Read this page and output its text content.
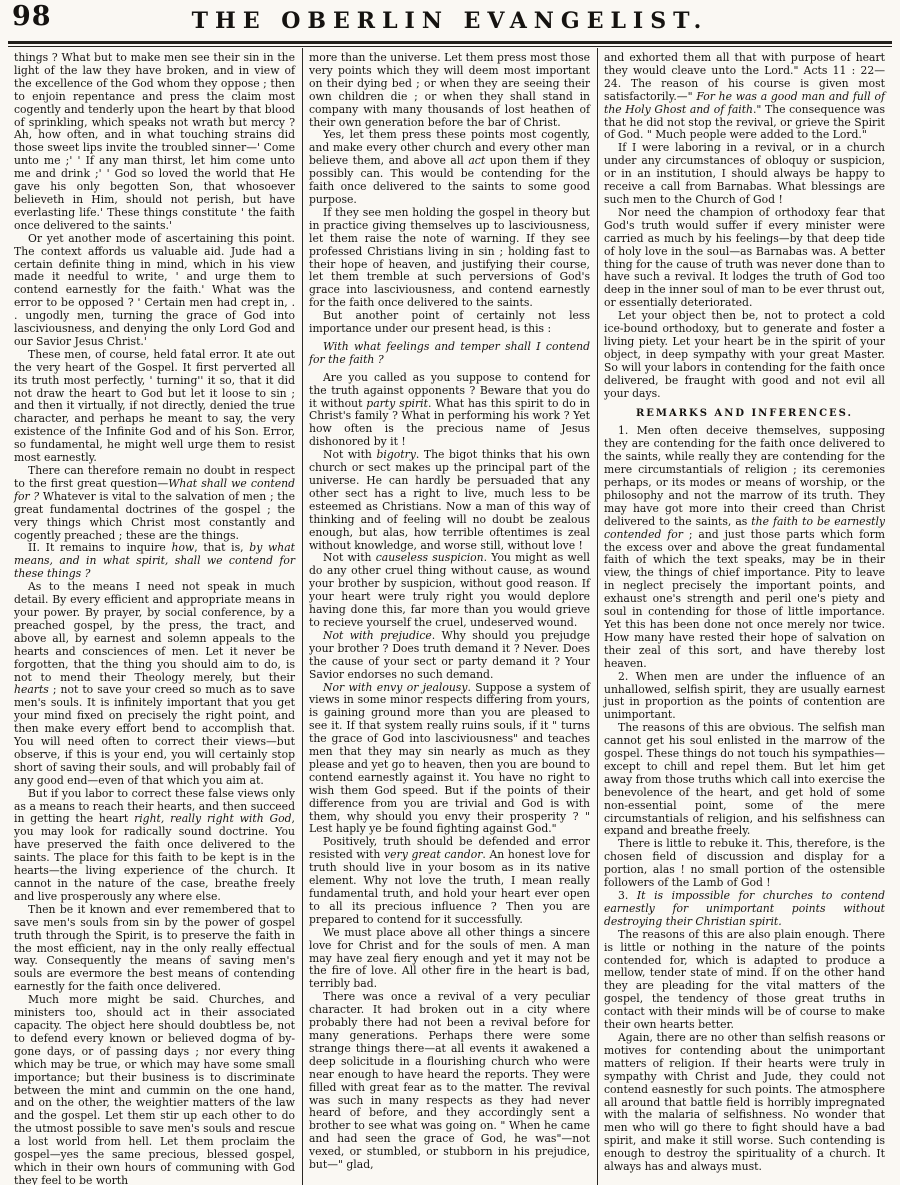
98	THE OBERLIN EVANGELIST.

things ? What but to make men see their sin in the light of the law they have broken, and in view of the excellence of the God whom they oppose ; then to enjoin repentance and press the claim most cogently and tenderly upon the heart by that blood of sprinkling, which speaks not wrath but mercy ? Ah, how often, and in what touching strains did those sweet lips invite the troubled sinner—' Come unto me ;' ' If any man thirst, let him come unto me and drink ;' ' God so loved the world that He gave his only begotten Son, that whosoever believeth in Him, should not perish, but have everlasting life.' These things constitute ' the faith once delivered to the saints.'

Or yet another mode of ascertaining this point. The context affords us valuable aid. Jude had a certain definite thing in mind, which in his view made it needful to write, ' and urge them to contend earnestly for the faith.' What was the error to be opposed ? ' Certain men had crept in, . . ungodly men, turning the grace of God into lasciviousness, and denying the only Lord God and our Savior Jesus Christ.'

These men, of course, held fatal error. It ate out the very heart of the Gospel. It first perverted all its truth most perfectly, ' turning'' it so, that it did not draw the heart to God but let it loose to sin ; and then it virtually, if not directly, denied the true character, and perhaps he meant to say, the very existence of the Infinite God and of his Son. Error, so fundamental, he might well urge them to resist most earnestly.

There can therefore remain no doubt in respect to the first great question—What shall we contend for ? Whatever is vital to the salvation of men ; the great fundamental doctrines of the gospel ; the very things which Christ most constantly and cogently preached ; these are the things.

II. It remains to inquire how, that is, by what means, and in what spirit, shall we contend for these things ?

As to the means I need not speak in much detail. By every efficient and appropriate means in your power. By prayer, by social conference, by a preached gospel, by the press, the tract, and above all, by earnest and solemn appeals to the hearts and consciences of men. Let it never be forgotten, that the thing you should aim to do, is not to mend their Theology merely, but their hearts ; not to save your creed so much as to save men's souls. It is infinitely important that you get your mind fixed on precisely the right point, and then make every effort bend to accomplish that. You will need often to correct their views—but observe, if this is your end, you will certainly stop short of saving their souls, and will probably fail of any good end—even of that which you aim at.

But if you labor to correct these false views only as a means to reach their hearts, and then succeed in getting the heart right, really right with God, you may look for radically sound doctrine. You have preserved the faith once delivered to the saints. The place for this faith to be kept is in the hearts—the living experience of the church. It cannot in the nature of the case, breathe freely and live prosperously any where else.

Then be it known and ever remembered that to save men's souls from sin by the power of gospel truth through the Spirit, is to preserve the faith in the most efficient, nay in the only really effectual way. Consequently the means of saving men's souls are evermore the best means of contending earnestly for the faith once delivered.

Much more might be said. Churches, and ministers too, should act in their associated capacity. The object here should doubtless be, not to defend every known or believed dogma of by-gone days, or of passing days ; nor every thing which may be true, or which may have some small importance; but their business is to discriminate between the mint and cummin on the one hand, and on the other, the weightier matters of the law and the gospel. Let them stir up each other to do the utmost possible to save men's souls and rescue a lost world from hell. Let them proclaim the gospel—yes the same precious, blessed gospel, which in their own hours of communing with God they feel to be worth

more than the universe. Let them press most those very points which they will deem most important on their dying bed ; or when they are seeing their own children die ; or when they shall stand in company with many thousands of lost heathen of their own generation before the bar of Christ.

Yes, let them press these points most cogently, and make every other church and every other man believe them, and above all act upon them if they possibly can. This would be contending for the faith once delivered to the saints to some good purpose.

If they see men holding the gospel in theory but in practice giving themselves up to lasciviousness, let them raise the note of warning. If they see professed Christians living in sin ; holding fast to their hope of heaven, and justifying their course, let them tremble at such perversions of God's grace into lasciviousness, and contend earnestly for the faith once delivered to the saints.

But another point of certainly not less importance under our present head, is this :

With what feelings and temper shall I contend for the faith ?

Are you called as you suppose to contend for the truth against opponents ? Beware that you do it without party spirit. What has this spirit to do in Christ's family ? What in performing his work ? Yet how often is the precious name of Jesus dishonored by it !

Not with bigotry. The bigot thinks that his own church or sect makes up the principal part of the universe. He can hardly be persuaded that any other sect has a right to live, much less to be esteemed as Christians. Now a man of this way of thinking and of feeling will no doubt be zealous enough, but alas, how terrible oftentimes is zeal without knowledge, and worse still, without love !

Not with causeless suspicion. You might as well do any other cruel thing without cause, as wound your brother by suspicion, without good reason. If your heart were truly right you would deplore having done this, far more than you would grieve to recieve yourself the cruel, undeserved wound.

Not with prejudice. Why should you prejudge your brother ? Does truth demand it ? Never. Does the cause of your sect or party demand it ? Your Savior endorses no such demand.

Nor with envy or jealousy. Suppose a system of views in some minor respects differing from yours, is gaining ground more than you are pleased to see it. If that system really ruins souls, if it " turns the grace of God into lasciviousness" and teaches men that they may sin nearly as much as they please and yet go to heaven, then you are bound to contend earnestly against it. You have no right to wish them God speed. But if the points of their difference from you are trivial and God is with them, why should you envy their prosperity ? " Lest haply ye be found fighting against God."

Positively, truth should be defended and error resisted with very great candor. An honest love for truth should live in your bosom as in its native element. Why not love the truth, I mean really fundamental truth, and hold your heart ever open to all its precious influence ? Then you are prepared to contend for it successfully.

We must place above all other things a sincere love for Christ and for the souls of men. A man may have zeal fiery enough and yet it may not be the fire of love. All other fire in the heart is bad, terribly bad.

There was once a revival of a very peculiar character. It had broken out in a city where probably there had not been a revival before for many generations. Perhaps there were some strange things there—at all events it awakened a deep solicitude in a flourishing church who were near enough to have heard the reports. They were filled with great fear as to the matter. The revival was such in many respects as they had never heard of before, and they accordingly sent a brother to see what was going on. " When he came and had seen the grace of God, he was"—not vexed, or stumbled, or stubborn in his prejudice, but—" glad,

and exhorted them all that with purpose of heart they would cleave unto the Lord." Acts 11 : 22—24. The reason of his course is given most satisfactorily.—" For he was a good man and full of the Holy Ghost and of faith." The consequence was that he did not stop the revival, or grieve the Spirit of God. " Much people were added to the Lord."

If I were laboring in a revival, or in a church under any circumstances of obloquy or suspicion, or in an institution, I should always be happy to receive a call from Barnabas. What blessings are such men to the Church of God !

Nor need the champion of orthodoxy fear that God's truth would suffer if every minister were carried as much by his feelings—by that deep tide of holy love in the soul—as Barnabas was. A better thing for the cause of truth was never done than to have such a revival. It lodges the truth of God too deep in the inner soul of man to be ever thrust out, or essentially deteriorated.

Let your object then be, not to protect a cold ice-bound orthodoxy, but to generate and foster a living piety. Let your heart be in the spirit of your object, in deep sympathy with your great Master. So will your labors in contending for the faith once delivered, be fraught with good and not evil all your days.

REMARKS AND INFERENCES.

1. Men often deceive themselves, supposing they are contending for the faith once delivered to the saints, while really they are contending for the mere circumstantials of religion ; its ceremonies perhaps, or its modes or means of worship, or the philosophy and not the marrow of its truth. They may have got more into their creed than Christ delivered to the saints, as the faith to be earnestly contended for ; and just those parts which form the excess over and above the great fundamental faith of which the text speaks, may be in their view, the things of chief importance. Pity to leave in neglect precisely the important points, and exhaust one's strength and peril one's piety and soul in contending for those of little importance. Yet this has been done not once merely nor twice. How many have rested their hope of salvation on their zeal of this sort, and have thereby lost heaven.

2. When men are under the influence of an unhallowed, selfish spirit, they are usually earnest just in proportion as the points of contention are unimportant.

The reasons of this are obvious. The selfish man cannot get his soul enlisted in the marrow of the gospel. These things do not touch his sympathies—except to chill and repel them. But let him get away from those truths which call into exercise the benevolence of the heart, and get hold of some non-essential point, some of the mere circumstantials of religion, and his selfishness can expand and breathe freely.

There is little to rebuke it. This, therefore, is the chosen field of discussion and display for a portion, alas ! no small portion of the ostensible followers of the Lamb of God !

3. It is impossible for churches to contend earnestly for unimportant points without destroying their Christian spirit.

The reasons of this are also plain enough. There is little or nothing in the nature of the points contended for, which is adapted to produce a mellow, tender state of mind. If on the other hand they are pleading for the vital matters of the gospel, the tendency of those great truths in contact with their minds will be of course to make their own hearts better.

Again, there are no other than selfish reasons or motives for contending about the unimportant matters of religion. If their hearts were truly in sympathy with Christ and Jude, they could not contend easnestly for such points. The atmosphere all around that battle field is horribly impregnated with the malaria of selfishness. No wonder that men who will go there to fight should have a bad spirit, and make it still worse. Such contending is enough to destroy the spirituality of a church. It always has and always must.
